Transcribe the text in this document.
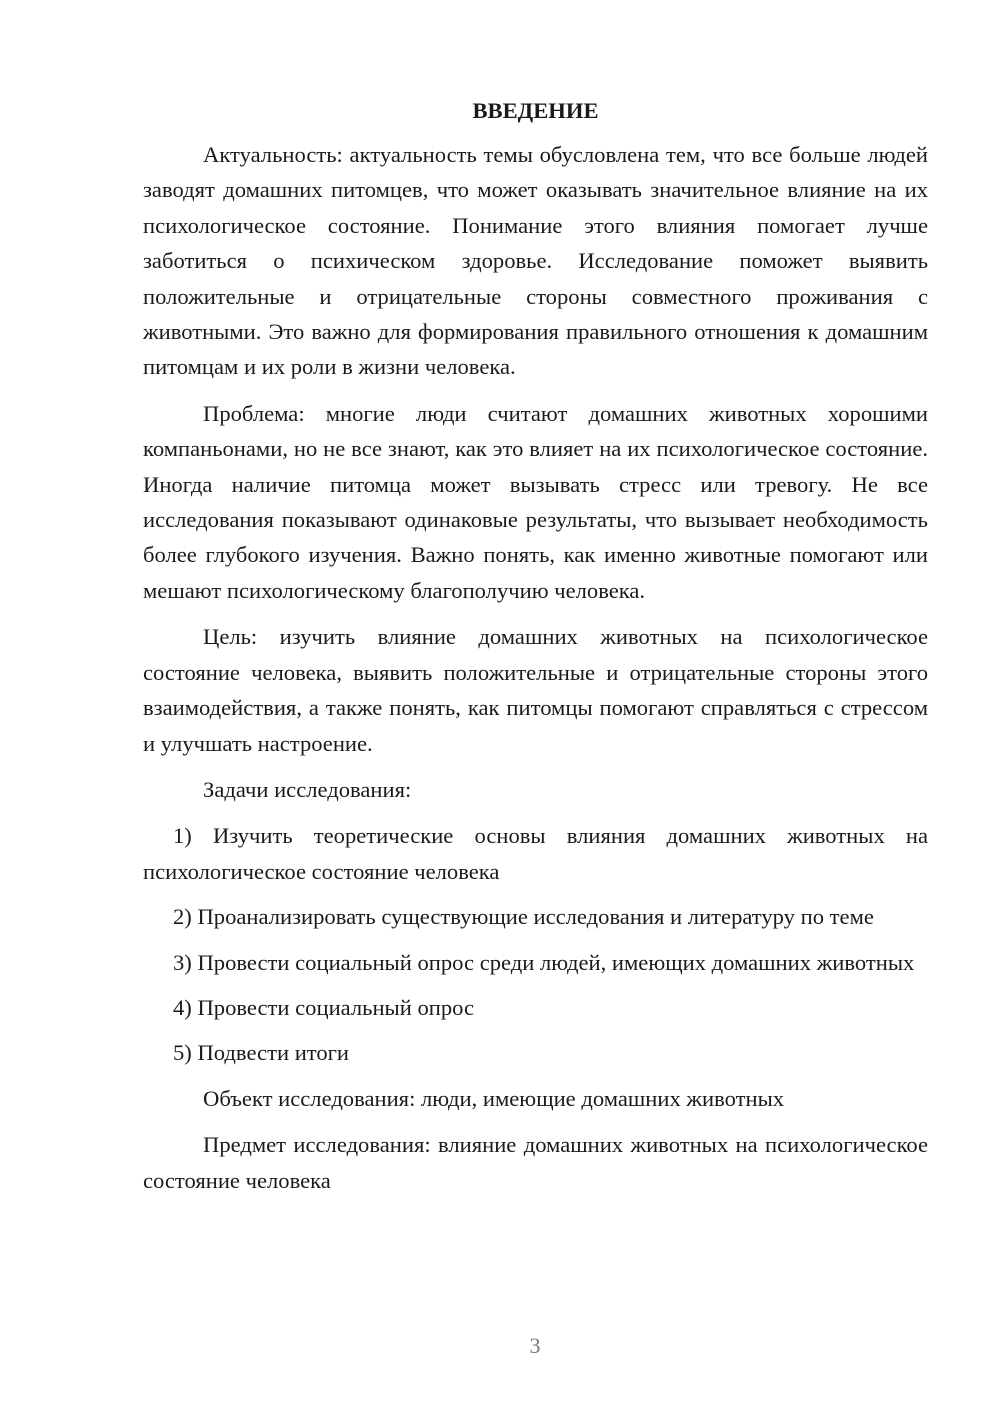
ВВЕДЕНИЕ

Актуальность: актуальность темы обусловлена тем, что все больше людей заводят домашних питомцев, что может оказывать значительное влияние на их психологическое состояние. Понимание этого влияния помогает лучше заботиться о психическом здоровье. Исследование поможет выявить положительные и отрицательные стороны совместного проживания с животными. Это важно для формирования правильного отношения к домашним питомцам и их роли в жизни человека.

Проблема: многие люди считают домашних животных хорошими компаньонами, но не все знают, как это влияет на их психологическое состояние. Иногда наличие питомца может вызывать стресс или тревогу. Не все исследования показывают одинаковые результаты, что вызывает необходимость более глубокого изучения. Важно понять, как именно животные помогают или мешают психологическому благополучию человека.

Цель: изучить влияние домашних животных на психологическое состояние человека, выявить положительные и отрицательные стороны этого взаимодействия, а также понять, как питомцы помогают справляться с стрессом и улучшать настроение.

Задачи исследования:

1) Изучить теоретические основы влияния домашних животных на психологическое состояние человека

2) Проанализировать существующие исследования и литературу по теме

3) Провести социальный опрос среди людей, имеющих домашних животных

4) Провести социальный опрос

5) Подвести итоги

Объект исследования: люди, имеющие домашних животных

Предмет исследования: влияние домашних животных на психологическое состояние человека

3
